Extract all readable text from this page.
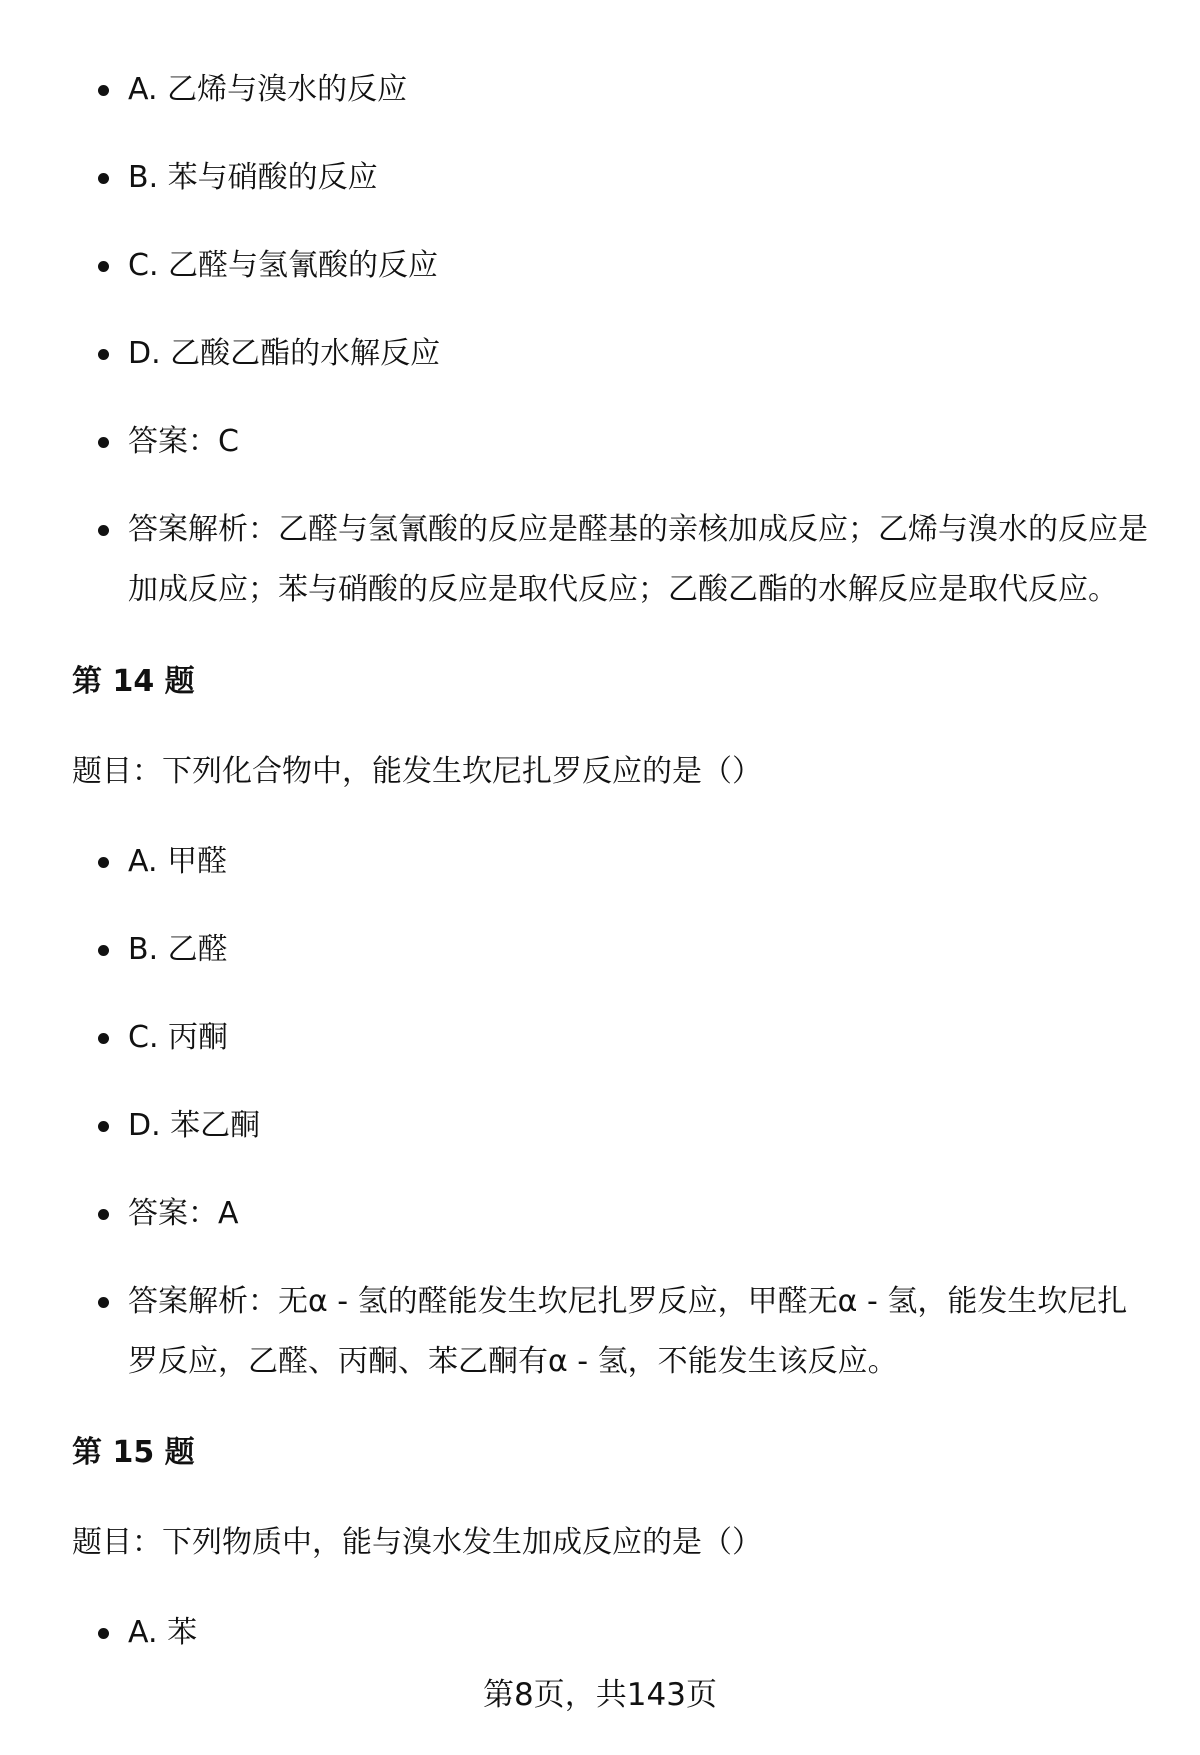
A. 乙烯与溴水的反应
B. 苯与硝酸的反应
C. 乙醛与氢氰酸的反应
D. 乙酸乙酯的水解反应
答案：C
答案解析：乙醛与氢氰酸的反应是醛基的亲核加成反应；乙烯与溴水的反应是加成反应；苯与硝酸的反应是取代反应；乙酸乙酯的水解反应是取代反应。
第 14 题
题目：下列化合物中，能发生坎尼扎罗反应的是（）
A. 甲醛
B. 乙醛
C. 丙酮
D. 苯乙酮
答案：A
答案解析：无α - 氢的醛能发生坎尼扎罗反应，甲醛无α - 氢，能发生坎尼扎罗反应，乙醛、丙酮、苯乙酮有α - 氢，不能发生该反应。
第 15 题
题目：下列物质中，能与溴水发生加成反应的是（）
A. 苯
第8页，共143页
